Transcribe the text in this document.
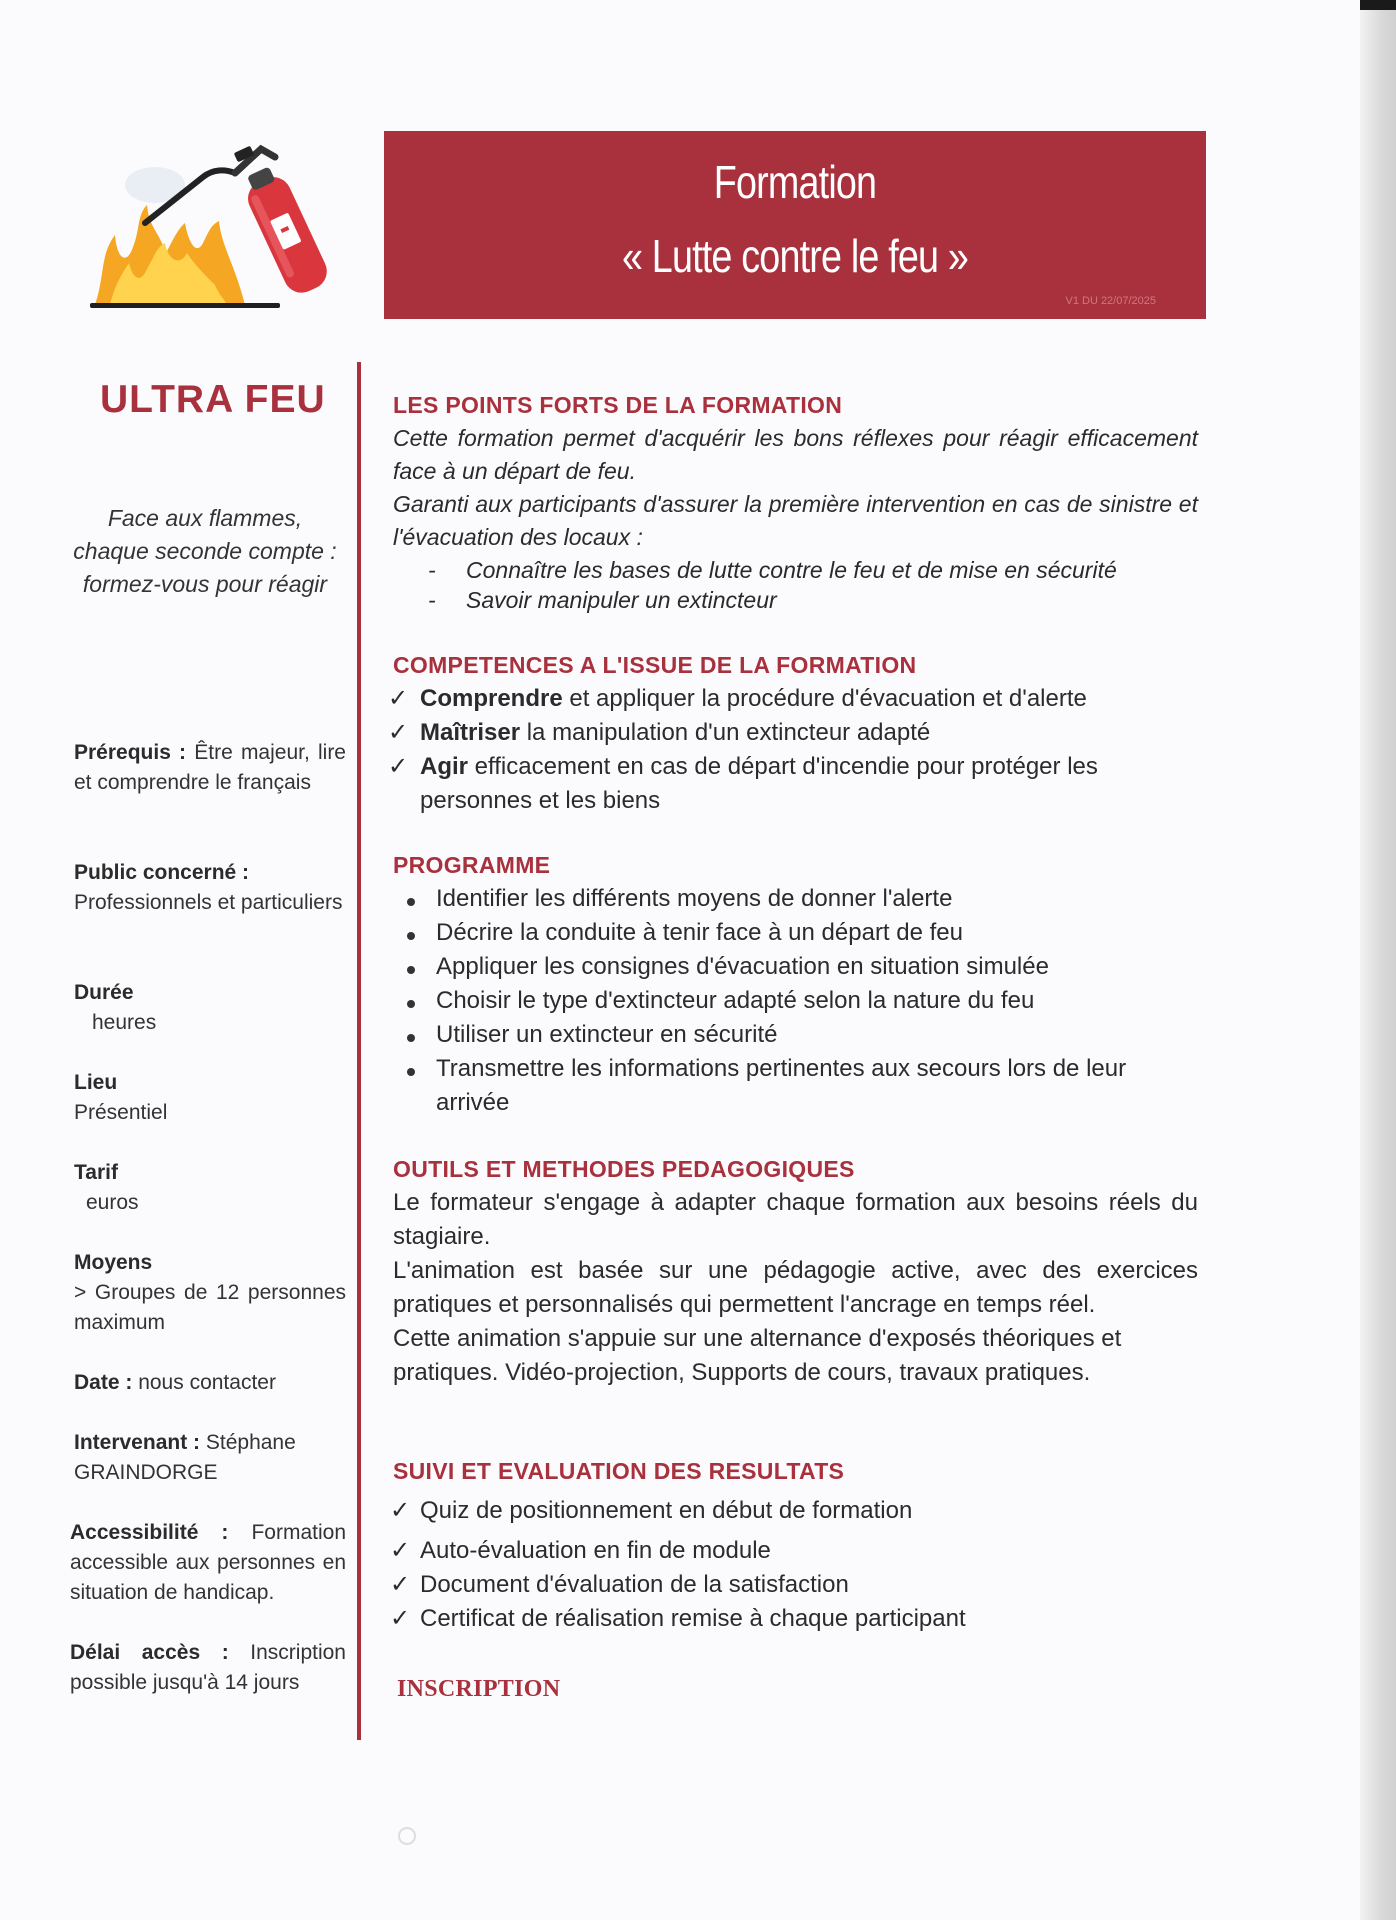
Formation
« Lutte contre le feu »
V1 DU 22/07/2025
ULTRA FEU
Face aux flammes, chaque seconde compte : formez-vous pour réagir
Prérequis : Être majeur, lire et comprendre le français
Public concerné :
Professionnels et particuliers
Durée
heures
Lieu
Présentiel
Tarif
euros
Moyens
> Groupes de 12 personnes maximum
Date : nous contacter
Intervenant : Stéphane GRAINDORGE
Accessibilité : Formation accessible aux personnes en situation de handicap.
Délai accès : Inscription possible jusqu'à 14 jours
LES POINTS FORTS DE LA FORMATION
Cette formation permet d'acquérir les bons réflexes pour réagir efficacement face à un départ de feu.
Garanti aux participants d'assurer la première intervention en cas de sinistre et l'évacuation des locaux :
- Connaître les bases de lutte contre le feu et de mise en sécurité
- Savoir manipuler un extincteur
COMPETENCES A L'ISSUE DE LA FORMATION
✓ Comprendre et appliquer la procédure d'évacuation et d'alerte
✓ Maîtriser la manipulation d'un extincteur adapté
✓ Agir efficacement en cas de départ d'incendie pour protéger les personnes et les biens
PROGRAMME
Identifier les différents moyens de donner l'alerte
Décrire la conduite à tenir face à un départ de feu
Appliquer les consignes d'évacuation en situation simulée
Choisir le type d'extincteur adapté selon la nature du feu
Utiliser un extincteur en sécurité
Transmettre les informations pertinentes aux secours lors de leur arrivée
OUTILS ET METHODES PEDAGOGIQUES
Le formateur s'engage à adapter chaque formation aux besoins réels du stagiaire.
L'animation est basée sur une pédagogie active, avec des exercices pratiques et personnalisés qui permettent l'ancrage en temps réel.
Cette animation s'appuie sur une alternance d'exposés théoriques et pratiques. Vidéo-projection, Supports de cours, travaux pratiques.
SUIVI ET EVALUATION DES RESULTATS
✓ Quiz de positionnement en début de formation
✓ Auto-évaluation en fin de module
✓ Document d'évaluation de la satisfaction
✓ Certificat de réalisation remise à chaque participant
INSCRIPTION
